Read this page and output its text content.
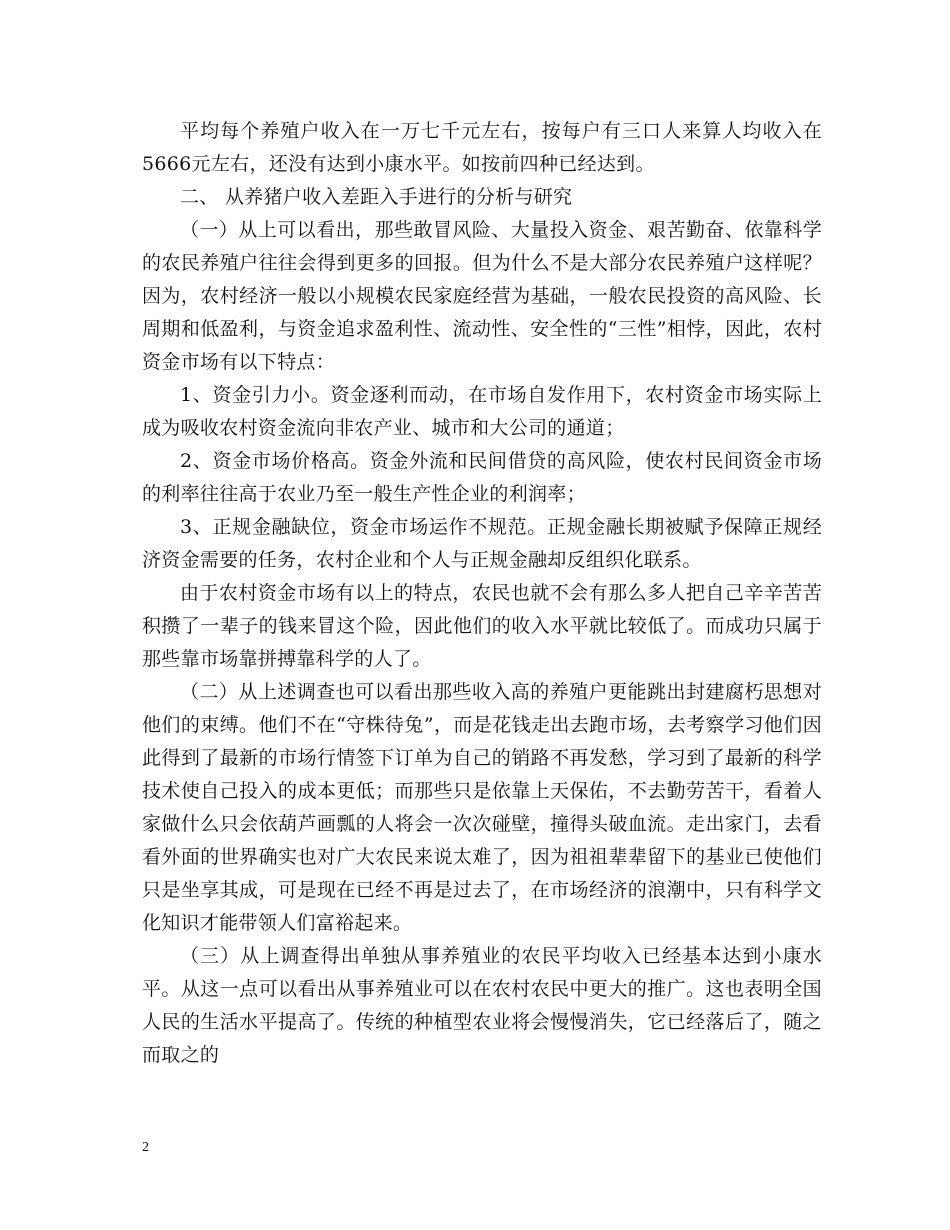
平均每个养殖户收入在一万七千元左右，按每户有三口人来算人均收入在5666元左右，还没有达到小康水平。如按前四种已经达到。

二、 从养猪户收入差距入手进行的分析与研究

（一）从上可以看出，那些敢冒风险、大量投入资金、艰苦勤奋、依靠科学的农民养殖户往往会得到更多的回报。但为什么不是大部分农民养殖户这样呢？因为，农村经济一般以小规模农民家庭经营为基础，一般农民投资的高风险、长周期和低盈利，与资金追求盈利性、流动性、安全性的“三性”相悖，因此，农村资金市场有以下特点：

1、资金引力小。资金逐利而动，在市场自发作用下，农村资金市场实际上成为吸收农村资金流向非农产业、城市和大公司的通道；

2、资金市场价格高。资金外流和民间借贷的高风险，使农村民间资金市场的利率往往高于农业乃至一般生产性企业的利润率；

3、正规金融缺位，资金市场运作不规范。正规金融长期被赋予保障正规经济资金需要的任务，农村企业和个人与正规金融却反组织化联系。

由于农村资金市场有以上的特点，农民也就不会有那么多人把自己辛辛苦苦积攒了一辈子的钱来冒这个险，因此他们的收入水平就比较低了。而成功只属于那些靠市场靠拼搏靠科学的人了。

（二）从上述调查也可以看出那些收入高的养殖户更能跳出封建腐朽思想对他们的束缚。他们不在“守株待兔”，而是花钱走出去跑市场，去考察学习他们因此得到了最新的市场行情签下订单为自己的销路不再发愁，学习到了最新的科学技术使自己投入的成本更低；而那些只是依靠上天保佑，不去勤劳苦干，看着人家做什么只会依葫芦画瓢的人将会一次次碰壁，撞得头破血流。走出家门，去看看外面的世界确实也对广大农民来说太难了，因为祖祖辈辈留下的基业已使他们只是坐享其成，可是现在已经不再是过去了，在市场经济的浪潮中，只有科学文化知识才能带领人们富裕起来。

（三）从上调查得出单独从事养殖业的农民平均收入已经基本达到小康水平。从这一点可以看出从事养殖业可以在农村农民中更大的推广。这也表明全国人民的生活水平提高了。传统的种植型农业将会慢慢消失，它已经落后了，随之而取之的

2
